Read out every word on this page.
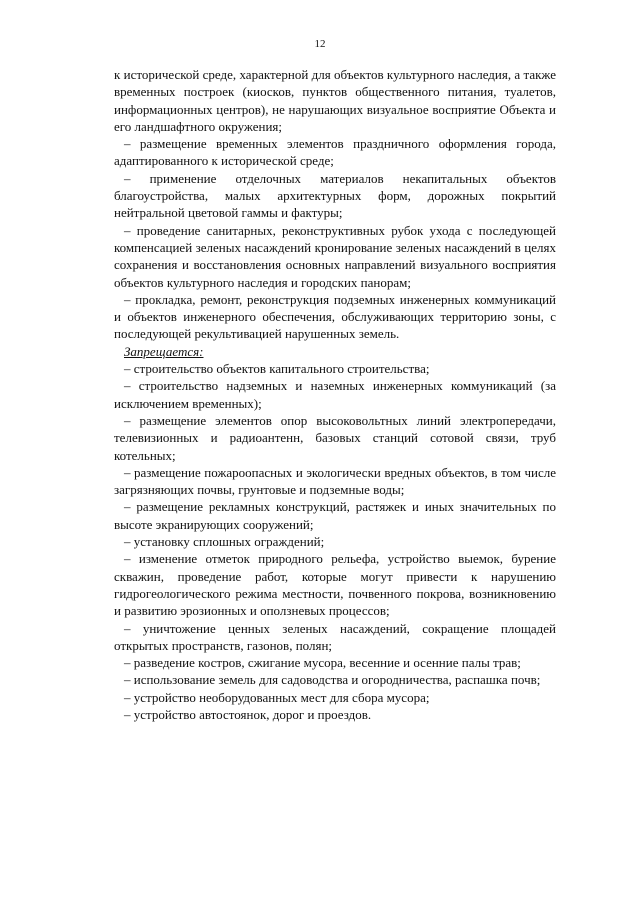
12

к исторической среде, характерной для объектов культурного наследия, а также временных построек (киосков, пунктов общественного питания, туалетов, информационных центров), не нарушающих визуальное восприятие Объекта и его ландшафтного окружения;

– размещение временных элементов праздничного оформления города, адаптированного к исторической среде;

– применение отделочных материалов некапитальных объектов благоустройства, малых архитектурных форм, дорожных покрытий нейтральной цветовой гаммы и фактуры;

– проведение санитарных, реконструктивных рубок ухода с последующей компенсацией зеленых насаждений кронирование зеленых насаждений в целях сохранения и восстановления основных направлений визуального восприятия объектов культурного наследия и городских панорам;

– прокладка, ремонт, реконструкция подземных инженерных коммуникаций и объектов инженерного обеспечения, обслуживающих территорию зоны, с последующей рекультивацией нарушенных земель.

Запрещается:

– строительство объектов капитального строительства;

– строительство надземных и наземных инженерных коммуникаций (за исключением временных);

– размещение элементов опор высоковольтных линий электропередачи, телевизионных и радиоантенн, базовых станций сотовой связи, труб котельных;

– размещение пожароопасных и экологически вредных объектов, в том числе загрязняющих почвы, грунтовые и подземные воды;

– размещение рекламных конструкций, растяжек и иных значительных по высоте экранирующих сооружений;

– установку сплошных ограждений;

– изменение отметок природного рельефа, устройство выемок, бурение скважин, проведение работ, которые могут привести к нарушению гидрогеологического режима местности, почвенного покрова, возникновению и развитию эрозионных и оползневых процессов;

– уничтожение ценных зеленых насаждений, сокращение площадей открытых пространств, газонов, полян;

– разведение костров, сжигание мусора, весенние и осенние палы трав;

– использование земель для садоводства и огородничества, распашка почв;

– устройство необорудованных мест для сбора мусора;

– устройство автостоянок, дорог и проездов.
